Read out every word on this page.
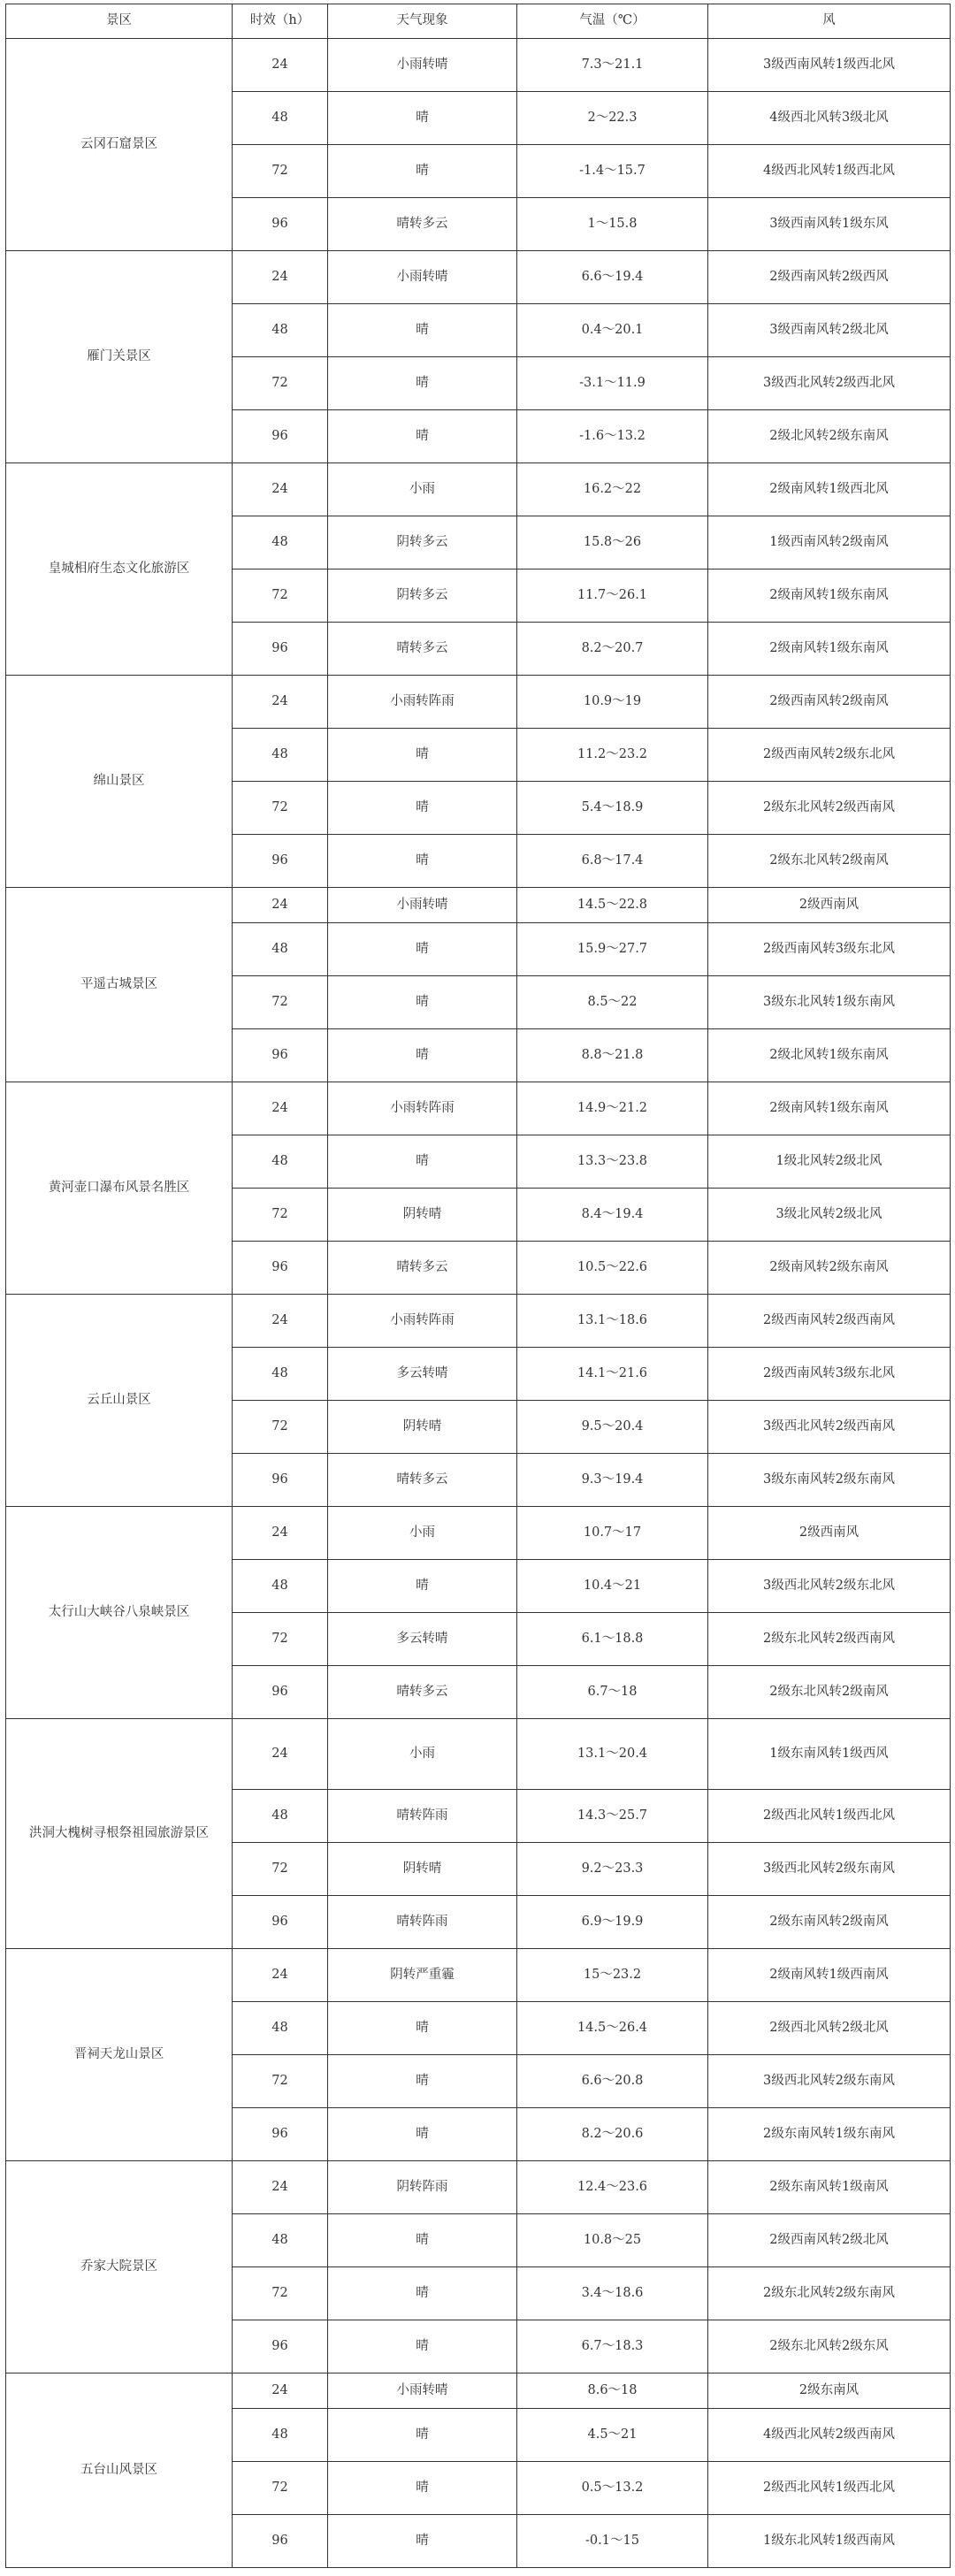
景区	时效（h）	天气现象	气温（℃）	风
云冈石窟景区	24	小雨转晴	7.3～21.1	3级西南风转1级西北风
	48	晴	2～22.3	4级西北风转3级北风
	72	晴	-1.4～15.7	4级西北风转1级西北风
	96	晴转多云	1～15.8	3级西南风转1级东风
雁门关景区	24	小雨转晴	6.6～19.4	2级西南风转2级西风
	48	晴	0.4～20.1	3级西南风转2级北风
	72	晴	-3.1～11.9	3级西北风转2级西北风
	96	晴	-1.6～13.2	2级北风转2级东南风
皇城相府生态文化旅游区	24	小雨	16.2～22	2级南风转1级西北风
	48	阴转多云	15.8～26	1级西南风转2级南风
	72	阴转多云	11.7～26.1	2级南风转1级东南风
	96	晴转多云	8.2～20.7	2级南风转1级东南风
绵山景区	24	小雨转阵雨	10.9～19	2级西南风转2级南风
	48	晴	11.2～23.2	2级西南风转2级东北风
	72	晴	5.4～18.9	2级东北风转2级西南风
	96	晴	6.8～17.4	2级东北风转2级南风
平遥古城景区	24	小雨转晴	14.5～22.8	2级西南风
	48	晴	15.9～27.7	2级西南风转3级东北风
	72	晴	8.5～22	3级东北风转1级东南风
	96	晴	8.8～21.8	2级北风转1级东南风
黄河壶口瀑布风景名胜区	24	小雨转阵雨	14.9～21.2	2级南风转1级东南风
	48	晴	13.3～23.8	1级北风转2级北风
	72	阴转晴	8.4～19.4	3级北风转2级北风
	96	晴转多云	10.5～22.6	2级南风转2级东南风
云丘山景区	24	小雨转阵雨	13.1～18.6	2级西南风转2级西南风
	48	多云转晴	14.1～21.6	2级西南风转3级东北风
	72	阴转晴	9.5～20.4	3级西北风转2级西南风
	96	晴转多云	9.3～19.4	3级东南风转2级东南风
太行山大峡谷八泉峡景区	24	小雨	10.7～17	2级西南风
	48	晴	10.4～21	3级西北风转2级东北风
	72	多云转晴	6.1～18.8	2级东北风转2级西南风
	96	晴转多云	6.7～18	2级东北风转2级南风
洪洞大槐树寻根祭祖园旅游景区	24	小雨	13.1～20.4	1级东南风转1级西风
	48	晴转阵雨	14.3～25.7	2级西北风转1级西北风
	72	阴转晴	9.2～23.3	3级西北风转2级东南风
	96	晴转阵雨	6.9～19.9	2级东南风转2级南风
晋祠天龙山景区	24	阴转严重霾	15～23.2	2级南风转1级西南风
	48	晴	14.5～26.4	2级西北风转2级北风
	72	晴	6.6～20.8	3级西北风转2级东南风
	96	晴	8.2～20.6	2级东南风转1级东南风
乔家大院景区	24	阴转阵雨	12.4～23.6	2级东南风转1级南风
	48	晴	10.8～25	2级西南风转2级北风
	72	晴	3.4～18.6	2级东北风转2级东南风
	96	晴	6.7～18.3	2级东北风转2级东风
五台山风景区	24	小雨转晴	8.6～18	2级东南风
	48	晴	4.5～21	4级西北风转2级西南风
	72	晴	0.5～13.2	2级西北风转1级西北风
	96	晴	-0.1～15	1级东北风转1级西南风
